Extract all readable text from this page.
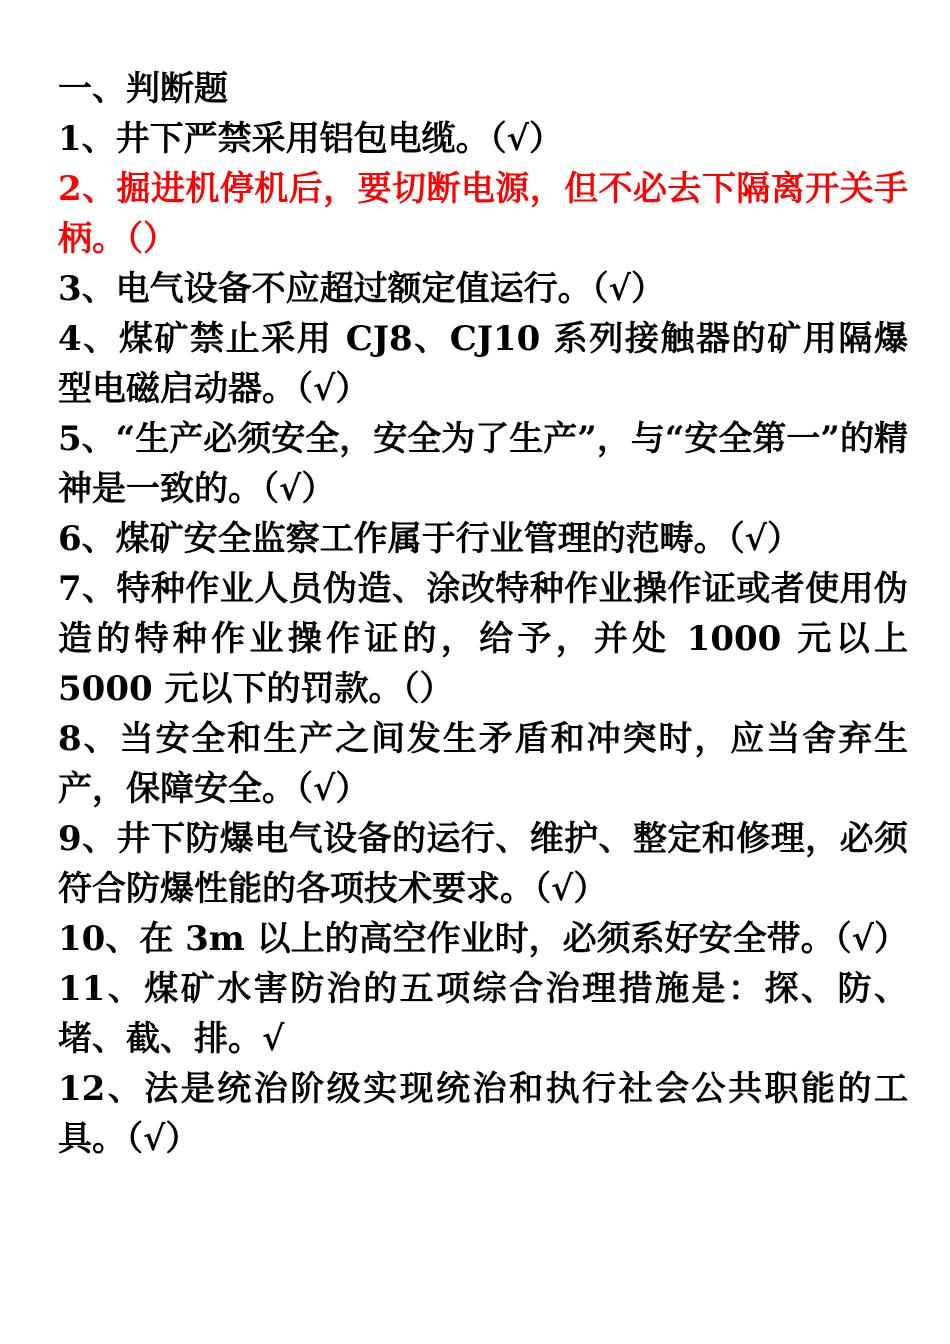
一、判断题

1、井下严禁采用铝包电缆。（√）

2、掘进机停机后，要切断电源，但不必去下隔离开关手柄。（）

3、电气设备不应超过额定值运行。（√）

4、煤矿禁止采用 CJ8、CJ10 系列接触器的矿用隔爆型电磁启动器。（√）

5、“生产必须安全，安全为了生产”，与“安全第一”的精神是一致的。（√）

6、煤矿安全监察工作属于行业管理的范畴。（√）

7、特种作业人员伪造、涂改特种作业操作证或者使用伪造的特种作业操作证的，给予，并处 1000 元以上 5000 元以下的罚款。（）

8、当安全和生产之间发生矛盾和冲突时，应当舍弃生产，保障安全。（√）

9、井下防爆电气设备的运行、维护、整定和修理，必须符合防爆性能的各项技术要求。（√）

10、在 3m 以上的高空作业时，必须系好安全带。（√）

11、煤矿水害防治的五项综合治理措施是：探、防、堵、截、排。√

12、法是统治阶级实现统治和执行社会公共职能的工具。（√）
